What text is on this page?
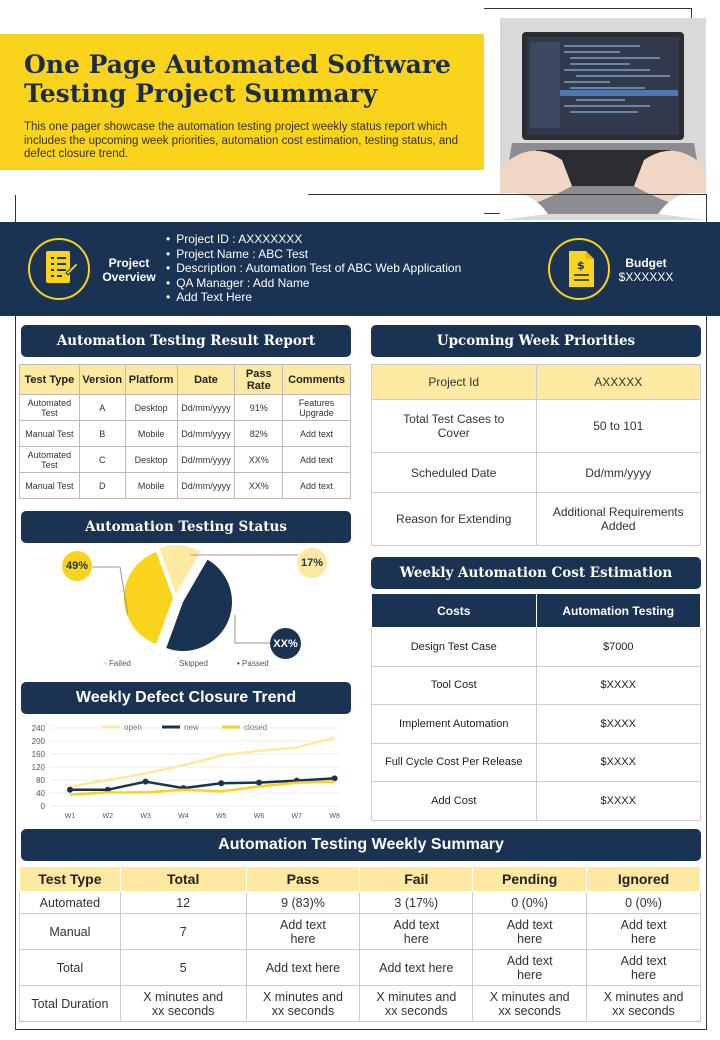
One Page Automated Software Testing Project Summary
This one pager showcase the automation testing project weekly status report which includes the upcoming week priorities, automation cost estimation, testing status, and defect closure trend.
Project Overview
• Project ID : AXXXXXXX
• Project Name : ABC Test
• Description : Automation Test of ABC Web Application
• QA Manager : Add Name
• Add Text Here
$	Budget
$XXXXXX
Automation Testing Result Report
Test Type	Version	Platform	Date	Pass Rate	Comments
Automated Test	A	Desktop	Dd/mm/yyyy	91%	Features Upgrade
Manual Test	B	Mobile	Dd/mm/yyyy	82%	Add text
Automated Test	C	Desktop	Dd/mm/yyyy	XX%	Add text
Manual Test	D	Mobile	Dd/mm/yyyy	XX%	Add text
Upcoming Week Priorities
Project Id	AXXXXX
Total Test Cases to Cover	50 to 101
Scheduled Date	Dd/mm/yyyy
Reason for Extending	Additional Requirements Added
Automation Testing Status
49%	17%
XX%
• Failed	• Skipped	• Passed
Weekly Automation Cost Estimation
Costs	Automation Testing
Design Test Case	$7000
Tool Cost	$XXXX
Implement Automation	$XXXX
Full Cycle Cost Per Release	$XXXX
Add Cost	$XXXX
Weekly Defect Closure Trend
0
40
80
120
160
200
240
W1	W2	W3	W4	W5	W6	W7	W8
open	new	closed
Automation Testing Weekly Summary
Test Type	Total	Pass	Fail	Pending	Ignored
Automated	12	9 (83)%	3 (17%)	0 (0%)	0 (0%)
Manual	7	Add text here	Add text here	Add text here	Add text here
Total	5	Add text here	Add text here	Add text here	Add text here
Total Duration	X minutes and xx seconds	X minutes and xx seconds	X minutes and xx seconds	X minutes and xx seconds	X minutes and xx seconds
